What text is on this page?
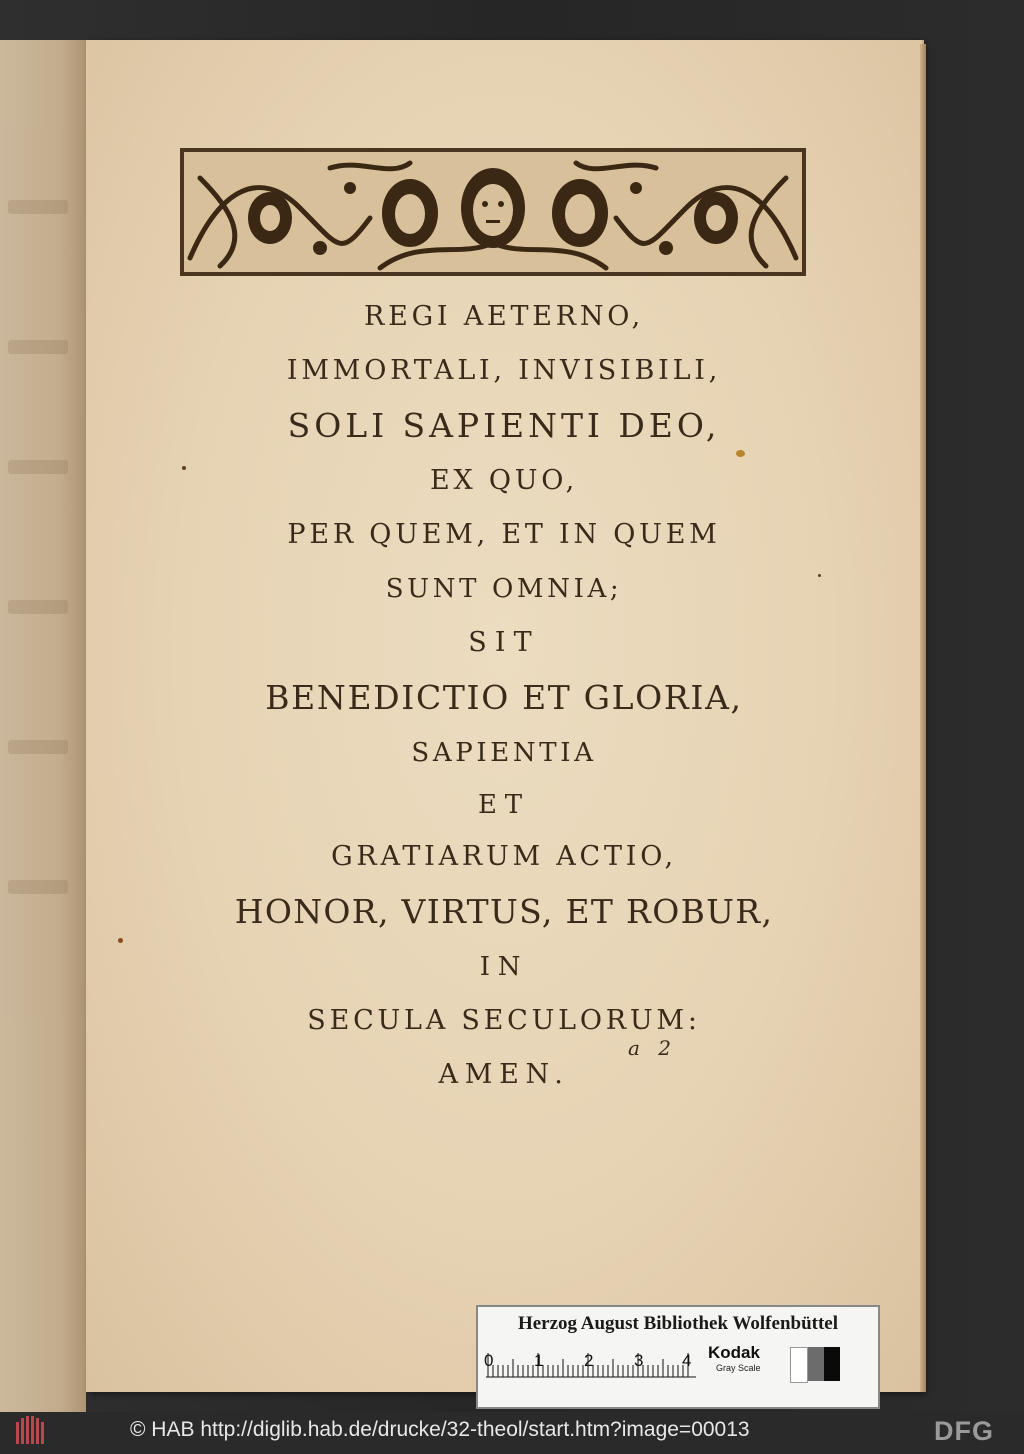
REGI AETERNO,
IMMORTALI, INVISIBILI,
SOLI SAPIENTI DEO,
EX QUO,
PER QUEM, ET IN QUEM
SUNT OMNIA;
SIT
BENEDICTIO ET GLORIA,
SAPIENTIA
ET
GRATIARUM ACTIO,
HONOR, VIRTUS, ET ROBUR,
IN
SECULA SECULORUM:
AMEN.
a 2
Herzog August Bibliothek Wolfenbüttel
0 1 2 3 4 Kodak
Gray Scale
© HAB http://diglib.hab.de/drucke/32-theol/start.htm?image=00013	DFG
